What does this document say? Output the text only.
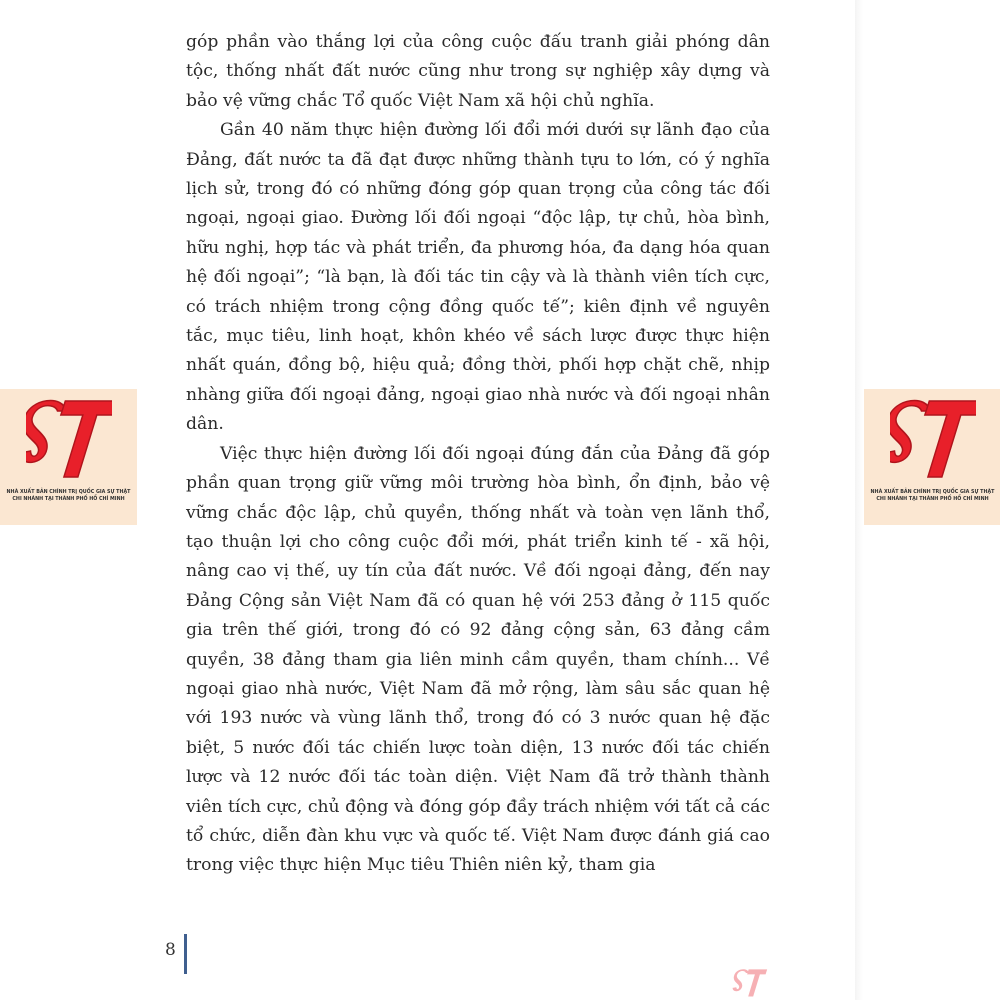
góp phần vào thắng lợi của công cuộc đấu tranh giải phóng dân tộc, thống nhất đất nước cũng như trong sự nghiệp xây dựng và bảo vệ vững chắc Tổ quốc Việt Nam xã hội chủ nghĩa.

Gần 40 năm thực hiện đường lối đổi mới dưới sự lãnh đạo của Đảng, đất nước ta đã đạt được những thành tựu to lớn, có ý nghĩa lịch sử, trong đó có những đóng góp quan trọng của công tác đối ngoại, ngoại giao. Đường lối đối ngoại “độc lập, tự chủ, hòa bình, hữu nghị, hợp tác và phát triển, đa phương hóa, đa dạng hóa quan hệ đối ngoại”; “là bạn, là đối tác tin cậy và là thành viên tích cực, có trách nhiệm trong cộng đồng quốc tế”; kiên định về nguyên tắc, mục tiêu, linh hoạt, khôn khéo về sách lược được thực hiện nhất quán, đồng bộ, hiệu quả; đồng thời, phối hợp chặt chẽ, nhịp nhàng giữa đối ngoại đảng, ngoại giao nhà nước và đối ngoại nhân dân.

Việc thực hiện đường lối đối ngoại đúng đắn của Đảng đã góp phần quan trọng giữ vững môi trường hòa bình, ổn định, bảo vệ vững chắc độc lập, chủ quyền, thống nhất và toàn vẹn lãnh thổ, tạo thuận lợi cho công cuộc đổi mới, phát triển kinh tế - xã hội, nâng cao vị thế, uy tín của đất nước. Về đối ngoại đảng, đến nay Đảng Cộng sản Việt Nam đã có quan hệ với 253 đảng ở 115 quốc gia trên thế giới, trong đó có 92 đảng cộng sản, 63 đảng cầm quyền, 38 đảng tham gia liên minh cầm quyền, tham chính... Về ngoại giao nhà nước, Việt Nam đã mở rộng, làm sâu sắc quan hệ với 193 nước và vùng lãnh thổ, trong đó có 3 nước quan hệ đặc biệt, 5 nước đối tác chiến lược toàn diện, 13 nước đối tác chiến lược và 12 nước đối tác toàn diện. Việt Nam đã trở thành thành viên tích cực, chủ động và đóng góp đầy trách nhiệm với tất cả các tổ chức, diễn đàn khu vực và quốc tế. Việt Nam được đánh giá cao trong việc thực hiện Mục tiêu Thiên niên kỷ, tham gia

8
NHÀ XUẤT BẢN CHÍNH TRỊ QUỐC GIA SỰ THẬT
CHI NHÁNH TẠI THÀNH PHỐ HỒ CHÍ MINH
NHÀ XUẤT BẢN CHÍNH TRỊ QUỐC GIA SỰ THẬT
CHI NHÁNH TẠI THÀNH PHỐ HỒ CHÍ MINH
